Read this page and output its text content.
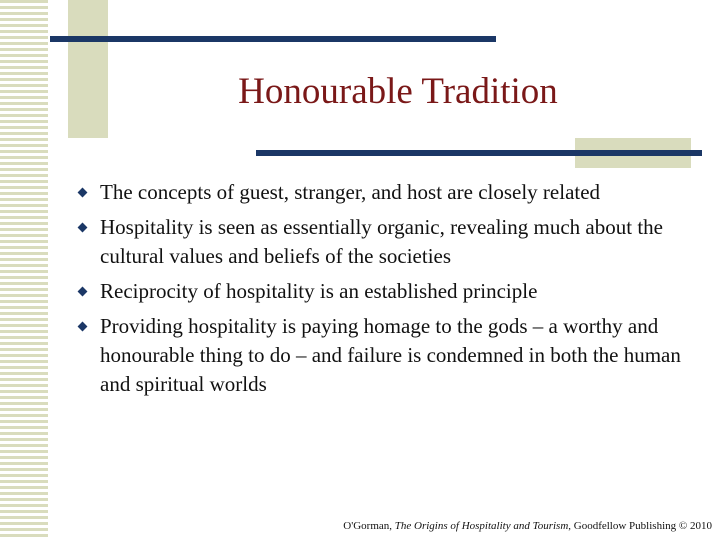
Honourable Tradition
The concepts of guest, stranger, and host are closely related
Hospitality is seen as essentially organic, revealing much about the cultural values and beliefs of the societies
Reciprocity of hospitality is an established principle
Providing hospitality is paying homage to the gods – a worthy and honourable thing to do – and failure is condemned in both the human and spiritual worlds
O'Gorman, The Origins of Hospitality and Tourism, Goodfellow Publishing © 2010
